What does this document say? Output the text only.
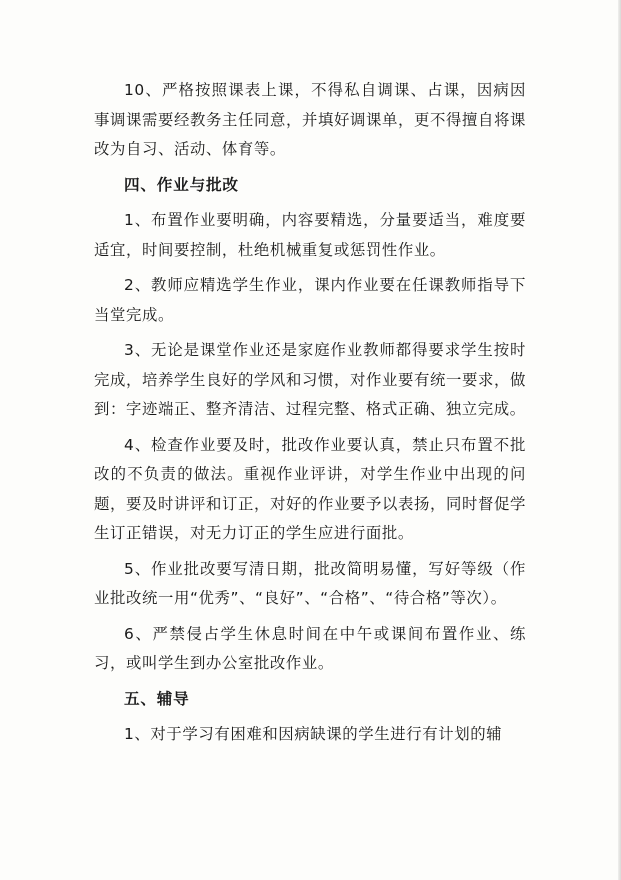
10、严格按照课表上课，不得私自调课、占课，因病因事调课需要经教务主任同意，并填好调课单，更不得擅自将课改为自习、活动、体育等。

四、作业与批改

1、布置作业要明确，内容要精选，分量要适当，难度要适宜，时间要控制，杜绝机械重复或惩罚性作业。

2、教师应精选学生作业，课内作业要在任课教师指导下当堂完成。

3、无论是课堂作业还是家庭作业教师都得要求学生按时完成，培养学生良好的学风和习惯，对作业要有统一要求，做到：字迹端正、整齐清洁、过程完整、格式正确、独立完成。

4、检查作业要及时，批改作业要认真，禁止只布置不批改的不负责的做法。重视作业评讲，对学生作业中出现的问题，要及时讲评和订正，对好的作业要予以表扬，同时督促学生订正错误，对无力订正的学生应进行面批。

5、作业批改要写清日期，批改简明易懂，写好等级（作业批改统一用“优秀”、“良好”、“合格”、“待合格”等次）。

6、严禁侵占学生休息时间在中午或课间布置作业、练习，或叫学生到办公室批改作业。

五、辅导

1、对于学习有困难和因病缺课的学生进行有计划的辅
